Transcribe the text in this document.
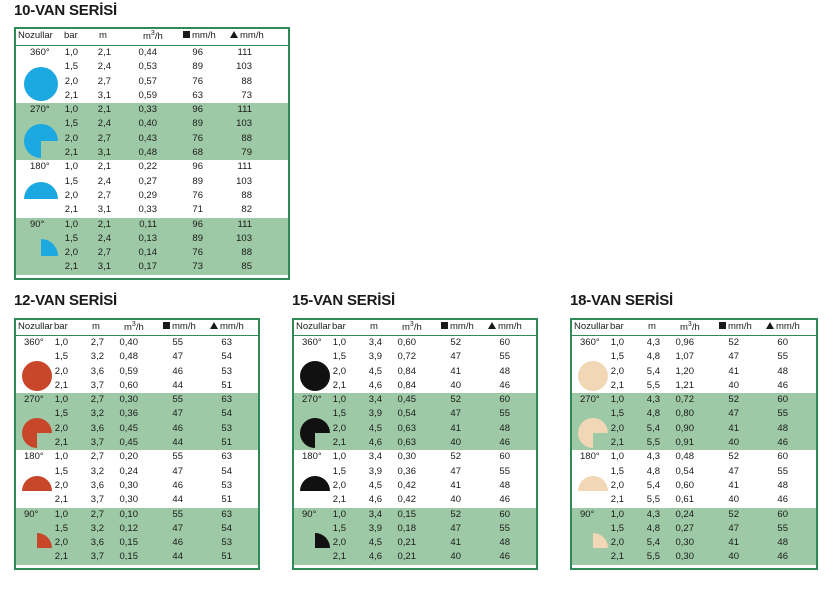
10-VAN SERİSİ
Nozullar bar m	$m^3/h$	mm/h	mm/h
360° 1,0 2,1	0,44	96	111
1,5 2,4	0,53	89	103
2,0 2,7	0,57	76	88
2,1 3,1	0,59	63	73
270° 1,0 2,1	0,33	96	111
1,5 2,4	0,40	89	103
2,0 2,7	0,43	76	88
2,1 3,1	0,48	68	79
180° 1,0 2,1	0,22	96	111
1,5 2,4	0,27	89	103
2,0 2,7	0,29	76	88
2,1 3,1	0,33	71	82
90° 1,0 2,1	0,11	96	111
1,5 2,4	0,13	89	103
2,0 2,7	0,14	76	88
2,1 3,1	0,17	73	85
12-VAN SERİSİ
Nozullar bar	m	$m^3/h$	mm/h	mm/h
360° 1,0 2,7 0,40	55	63
1,5 3,2 0,48	47	54
2,0 3,6 0,59	46	53
2,1 3,7 0,60	44	51
270° 1,0 2,7 0,30	55	63
1,5 3,2 0,36	47	54
2,0 3,6 0,45	46	53
2,1 3,7 0,45	44	51
180° 1,0 2,7 0,20	55	63
1,5 3,2 0,24	47	54
2,0 3,6 0,30	46	53
2,1 3,7 0,30	44	51
90° 1,0 2,7 0,10	55	63
1,5 3,2 0,12	47	54
2,0 3,6 0,15	46	53
2,1 3,7 0,15	44	51
15-VAN SERİSİ
Nozullar bar	m	$m^3/h$	mm/h	mm/h
360° 1,0 3,4 0,60	52	60
1,5 3,9 0,72	47	55
2,0 4,5 0,84	41	48
2,1 4,6 0,84	40	46
270° 1,0 3,4 0,45	52	60
1,5 3,9 0,54	47	55
2,0 4,5 0,63	41	48
2,1 4,6 0,63	40	46
180° 1,0 3,4 0,30	52	60
1,5 3,9 0,36	47	55
2,0 4,5 0,42	41	48
2,1 4,6 0,42	40	46
90° 1,0 3,4 0,15	52	60
1,5 3,9 0,18	47	55
2,0 4,5 0,21	41	48
2,1 4,6 0,21	40	46
18-VAN SERİSİ
Nozullar bar	m	$m^3/h$	mm/h	mm/h
360° 1,0 4,3 0,96	52	60
1,5 4,8 1,07	47	55
2,0 5,4 1,20	41	48
2,1 5,5 1,21	40	46
270° 1,0 4,3 0,72	52	60
1,5 4,8 0,80	47	55
2,0 5,4 0,90	41	48
2,1 5,5 0,91	40	46
180° 1,0 4,3 0,48	52	60
1,5 4,8 0,54	47	55
2,0 5,4 0,60	41	48
2,1 5,5 0,61	40	46
90° 1,0 4,3 0,24	52	60
1,5 4,8 0,27	47	55
2,0 5,4 0,30	41	48
2,1 5,5 0,30	40	46
